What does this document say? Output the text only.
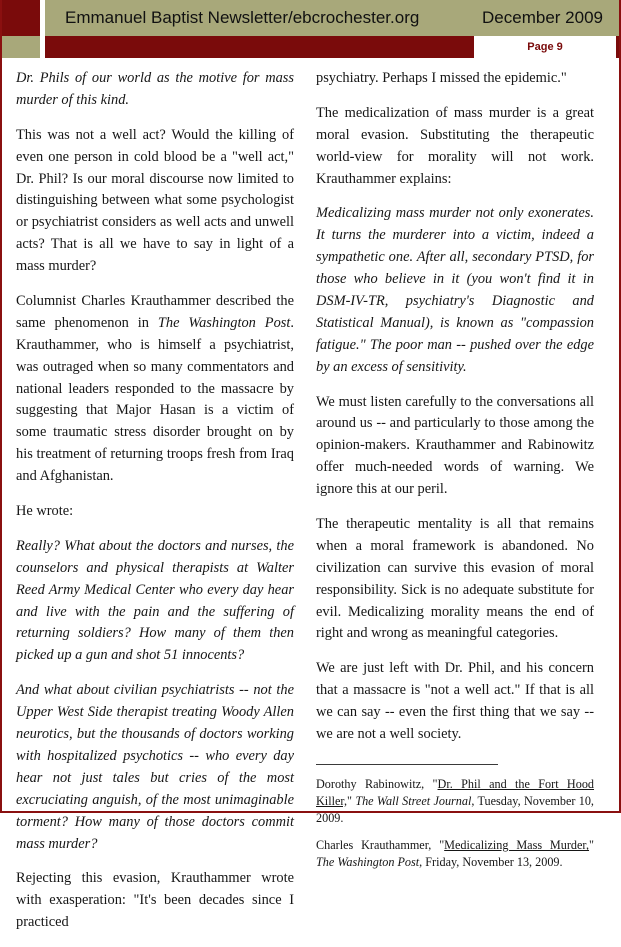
Emmanuel Baptist Newsletter/ebcrochester.org	December 2009
Page 9

Dr. Phils of our world as the motive for mass murder of this kind.

This was not a well act? Would the killing of even one person in cold blood be a "well act," Dr. Phil? Is our moral discourse now limited to distinguishing between what some psychologist or psychiatrist considers as well acts and unwell acts? That is all we have to say in light of a mass murder?

Columnist Charles Krauthammer described the same phenomenon in The Washington Post. Krauthammer, who is himself a psychiatrist, was outraged when so many commentators and national leaders responded to the massacre by suggesting that Major Hasan is a victim of some traumatic stress disorder brought on by his treatment of returning troops fresh from Iraq and Afghanistan.

He wrote:

Really? What about the doctors and nurses, the counselors and physical therapists at Walter Reed Army Medical Center who every day hear and live with the pain and the suffering of returning soldiers? How many of them then picked up a gun and shot 51 innocents?

And what about civilian psychiatrists -- not the Upper West Side therapist treating Woody Allen neurotics, but the thousands of doctors working with hospitalized psychotics -- who every day hear not just tales but cries of the most excruciating anguish, of the most unimaginable torment? How many of those doctors commit mass murder?

Rejecting this evasion, Krauthammer wrote with exasperation: "It's been decades since I practiced

psychiatry. Perhaps I missed the epidemic."

The medicalization of mass murder is a great moral evasion. Substituting the therapeutic world-view for morality will not work. Krauthammer explains:

Medicalizing mass murder not only exonerates. It turns the murderer into a victim, indeed a sympathetic one. After all, secondary PTSD, for those who believe in it (you won't find it in DSM-IV-TR, psychiatry's Diagnostic and Statistical Manual), is known as "compassion fatigue." The poor man -- pushed over the edge by an excess of sensitivity.

We must listen carefully to the conversations all around us -- and particularly to those among the opinion-makers. Krauthammer and Rabinowitz offer much-needed words of warning. We ignore this at our peril.

The therapeutic mentality is all that remains when a moral framework is abandoned. No civilization can survive this evasion of moral responsibility. Sick is no adequate substitute for evil. Medicalizing morality means the end of right and wrong as meaningful categories.

We are just left with Dr. Phil, and his concern that a massacre is "not a well act." If that is all we can say -- even the first thing that we say -- we are not a well society.

Dorothy Rabinowitz, "Dr. Phil and the Fort Hood Killer," The Wall Street Journal, Tuesday, November 10, 2009.

Charles Krauthammer, "Medicalizing Mass Murder," The Washington Post, Friday, November 13, 2009.
